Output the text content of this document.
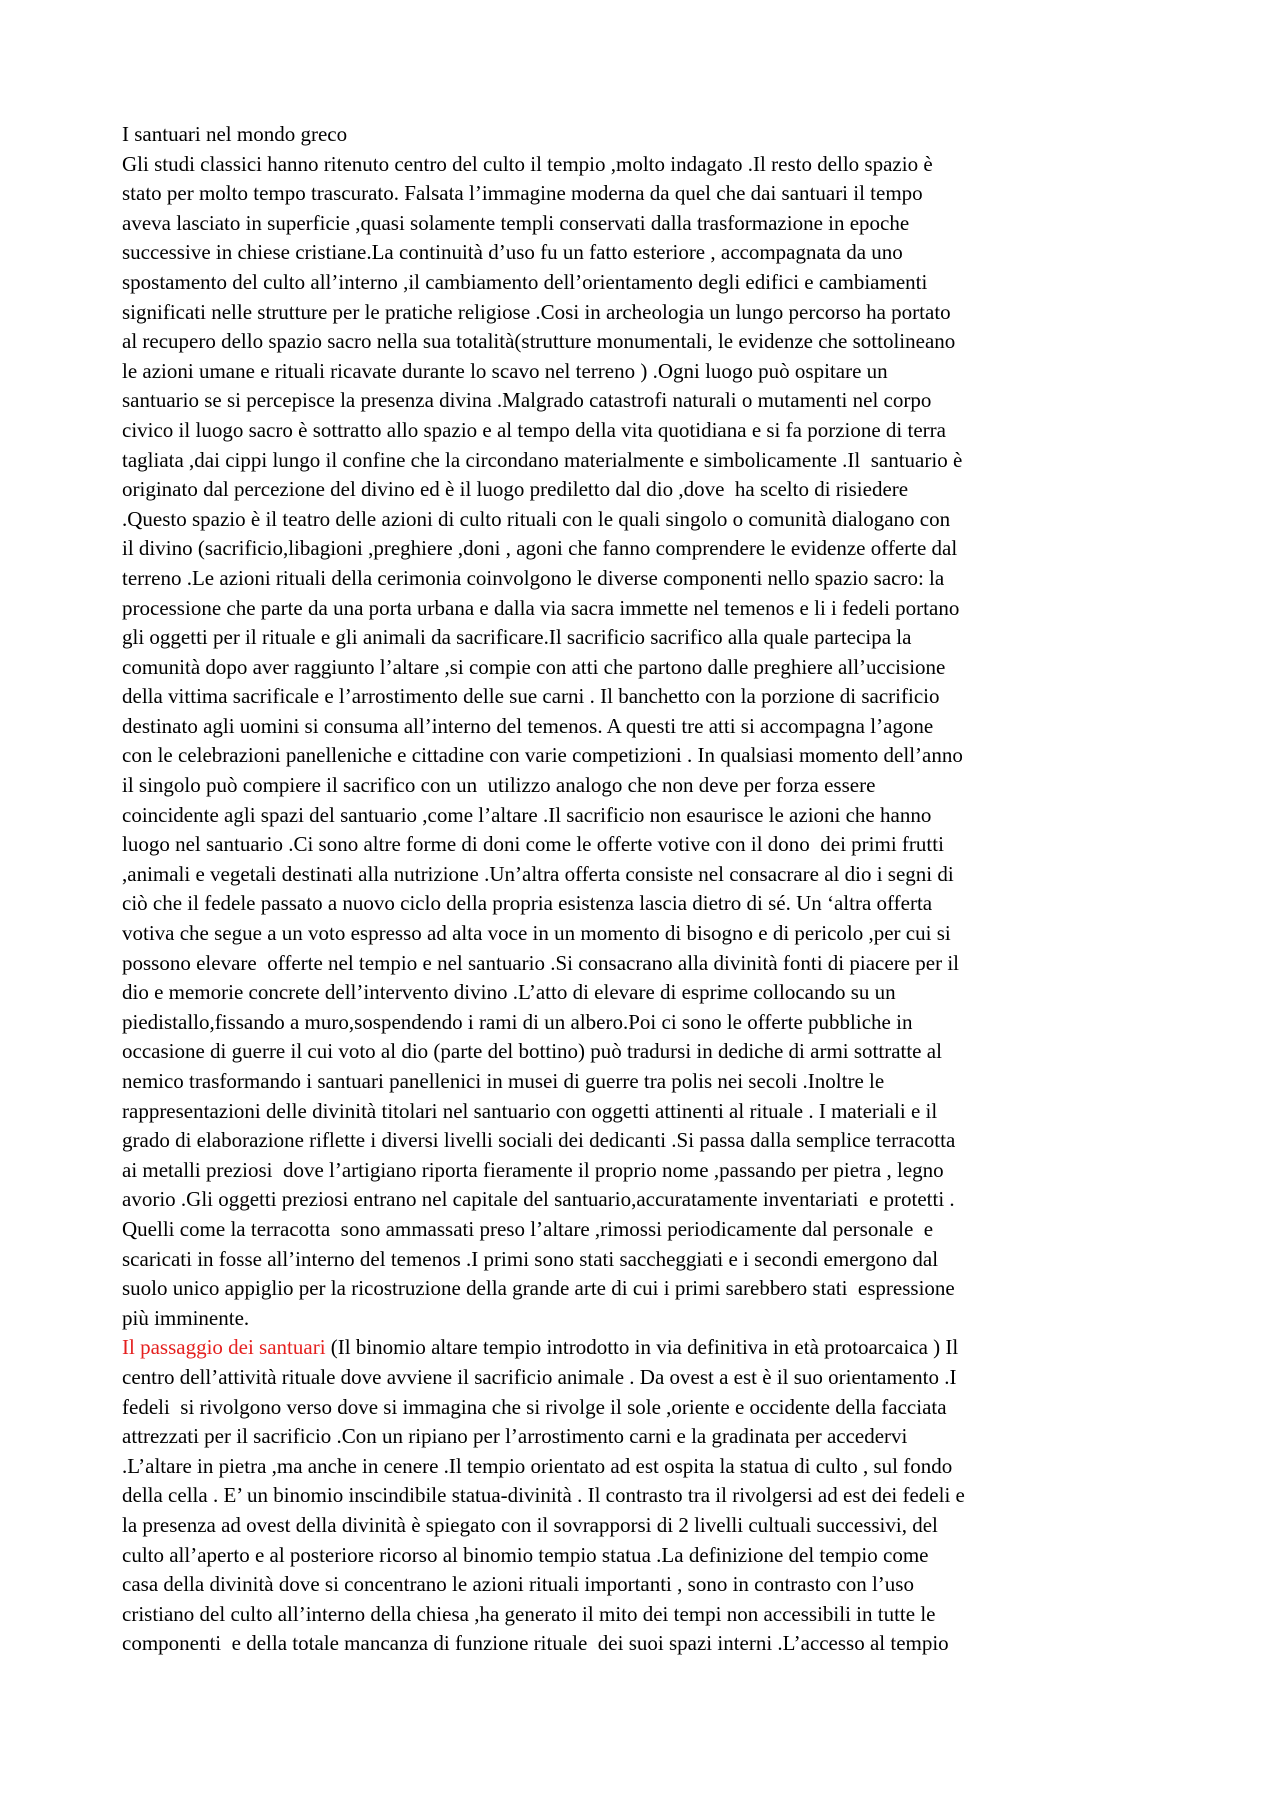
I santuari nel mondo greco
Gli studi classici hanno ritenuto centro del culto il tempio ,molto indagato .Il resto dello spazio è
stato per molto tempo trascurato. Falsata l’immagine moderna da quel che dai santuari il tempo
aveva lasciato in superficie ,quasi solamente templi conservati dalla trasformazione in epoche
successive in chiese cristiane.La continuità d’uso fu un fatto esteriore , accompagnata da uno
spostamento del culto all’interno ,il cambiamento dell’orientamento degli edifici e cambiamenti
significati nelle strutture per le pratiche religiose .Cosi in archeologia un lungo percorso ha portato
al recupero dello spazio sacro nella sua totalità(strutture monumentali, le evidenze che sottolineano
le azioni umane e rituali ricavate durante lo scavo nel terreno ) .Ogni luogo può ospitare un
santuario se si percepisce la presenza divina .Malgrado catastrofi naturali o mutamenti nel corpo
civico il luogo sacro è sottratto allo spazio e al tempo della vita quotidiana e si fa porzione di terra
tagliata ,dai cippi lungo il confine che la circondano materialmente e simbolicamente .Il  santuario è
originato dal percezione del divino ed è il luogo prediletto dal dio ,dove  ha scelto di risiedere
.Questo spazio è il teatro delle azioni di culto rituali con le quali singolo o comunità dialogano con
il divino (sacrificio,libagioni ,preghiere ,doni , agoni che fanno comprendere le evidenze offerte dal
terreno .Le azioni rituali della cerimonia coinvolgono le diverse componenti nello spazio sacro: la
processione che parte da una porta urbana e dalla via sacra immette nel temenos e li i fedeli portano
gli oggetti per il rituale e gli animali da sacrificare.Il sacrificio sacrifico alla quale partecipa la
comunità dopo aver raggiunto l’altare ,si compie con atti che partono dalle preghiere all’uccisione
della vittima sacrificale e l’arrostimento delle sue carni . Il banchetto con la porzione di sacrificio
destinato agli uomini si consuma all’interno del temenos. A questi tre atti si accompagna l’agone
con le celebrazioni panelleniche e cittadine con varie competizioni . In qualsiasi momento dell’anno
il singolo può compiere il sacrifico con un  utilizzo analogo che non deve per forza essere
coincidente agli spazi del santuario ,come l’altare .Il sacrificio non esaurisce le azioni che hanno
luogo nel santuario .Ci sono altre forme di doni come le offerte votive con il dono  dei primi frutti
,animali e vegetali destinati alla nutrizione .Un’altra offerta consiste nel consacrare al dio i segni di
ciò che il fedele passato a nuovo ciclo della propria esistenza lascia dietro di sé. Un ‘altra offerta
votiva che segue a un voto espresso ad alta voce in un momento di bisogno e di pericolo ,per cui si
possono elevare  offerte nel tempio e nel santuario .Si consacrano alla divinità fonti di piacere per il
dio e memorie concrete dell’intervento divino .L’atto di elevare di esprime collocando su un
piedistallo,fissando a muro,sospendendo i rami di un albero.Poi ci sono le offerte pubbliche in
occasione di guerre il cui voto al dio (parte del bottino) può tradursi in dediche di armi sottratte al
nemico trasformando i santuari panellenici in musei di guerre tra polis nei secoli .Inoltre le
rappresentazioni delle divinità titolari nel santuario con oggetti attinenti al rituale . I materiali e il
grado di elaborazione riflette i diversi livelli sociali dei dedicanti .Si passa dalla semplice terracotta
ai metalli preziosi  dove l’artigiano riporta fieramente il proprio nome ,passando per pietra , legno
avorio .Gli oggetti preziosi entrano nel capitale del santuario,accuratamente inventariati  e protetti .
Quelli come la terracotta  sono ammassati preso l’altare ,rimossi periodicamente dal personale  e
scaricati in fosse all’interno del temenos .I primi sono stati saccheggiati e i secondi emergono dal
suolo unico appiglio per la ricostruzione della grande arte di cui i primi sarebbero stati  espressione
più imminente.
Il passaggio dei santuari (Il binomio altare tempio introdotto in via definitiva in età protoarcaica ) Il
centro dell’attività rituale dove avviene il sacrificio animale . Da ovest a est è il suo orientamento .I
fedeli  si rivolgono verso dove si immagina che si rivolge il sole ,oriente e occidente della facciata
attrezzati per il sacrificio .Con un ripiano per l’arrostimento carni e la gradinata per accedervi
.L’altare in pietra ,ma anche in cenere .Il tempio orientato ad est ospita la statua di culto , sul fondo
della cella . E’ un binomio inscindibile statua-divinità . Il contrasto tra il rivolgersi ad est dei fedeli e
la presenza ad ovest della divinità è spiegato con il sovrapporsi di 2 livelli cultuali successivi, del
culto all’aperto e al posteriore ricorso al binomio tempio statua .La definizione del tempio come
casa della divinità dove si concentrano le azioni rituali importanti , sono in contrasto con l’uso
cristiano del culto all’interno della chiesa ,ha generato il mito dei tempi non accessibili in tutte le
componenti  e della totale mancanza di funzione rituale  dei suoi spazi interni .L’accesso al tempio
